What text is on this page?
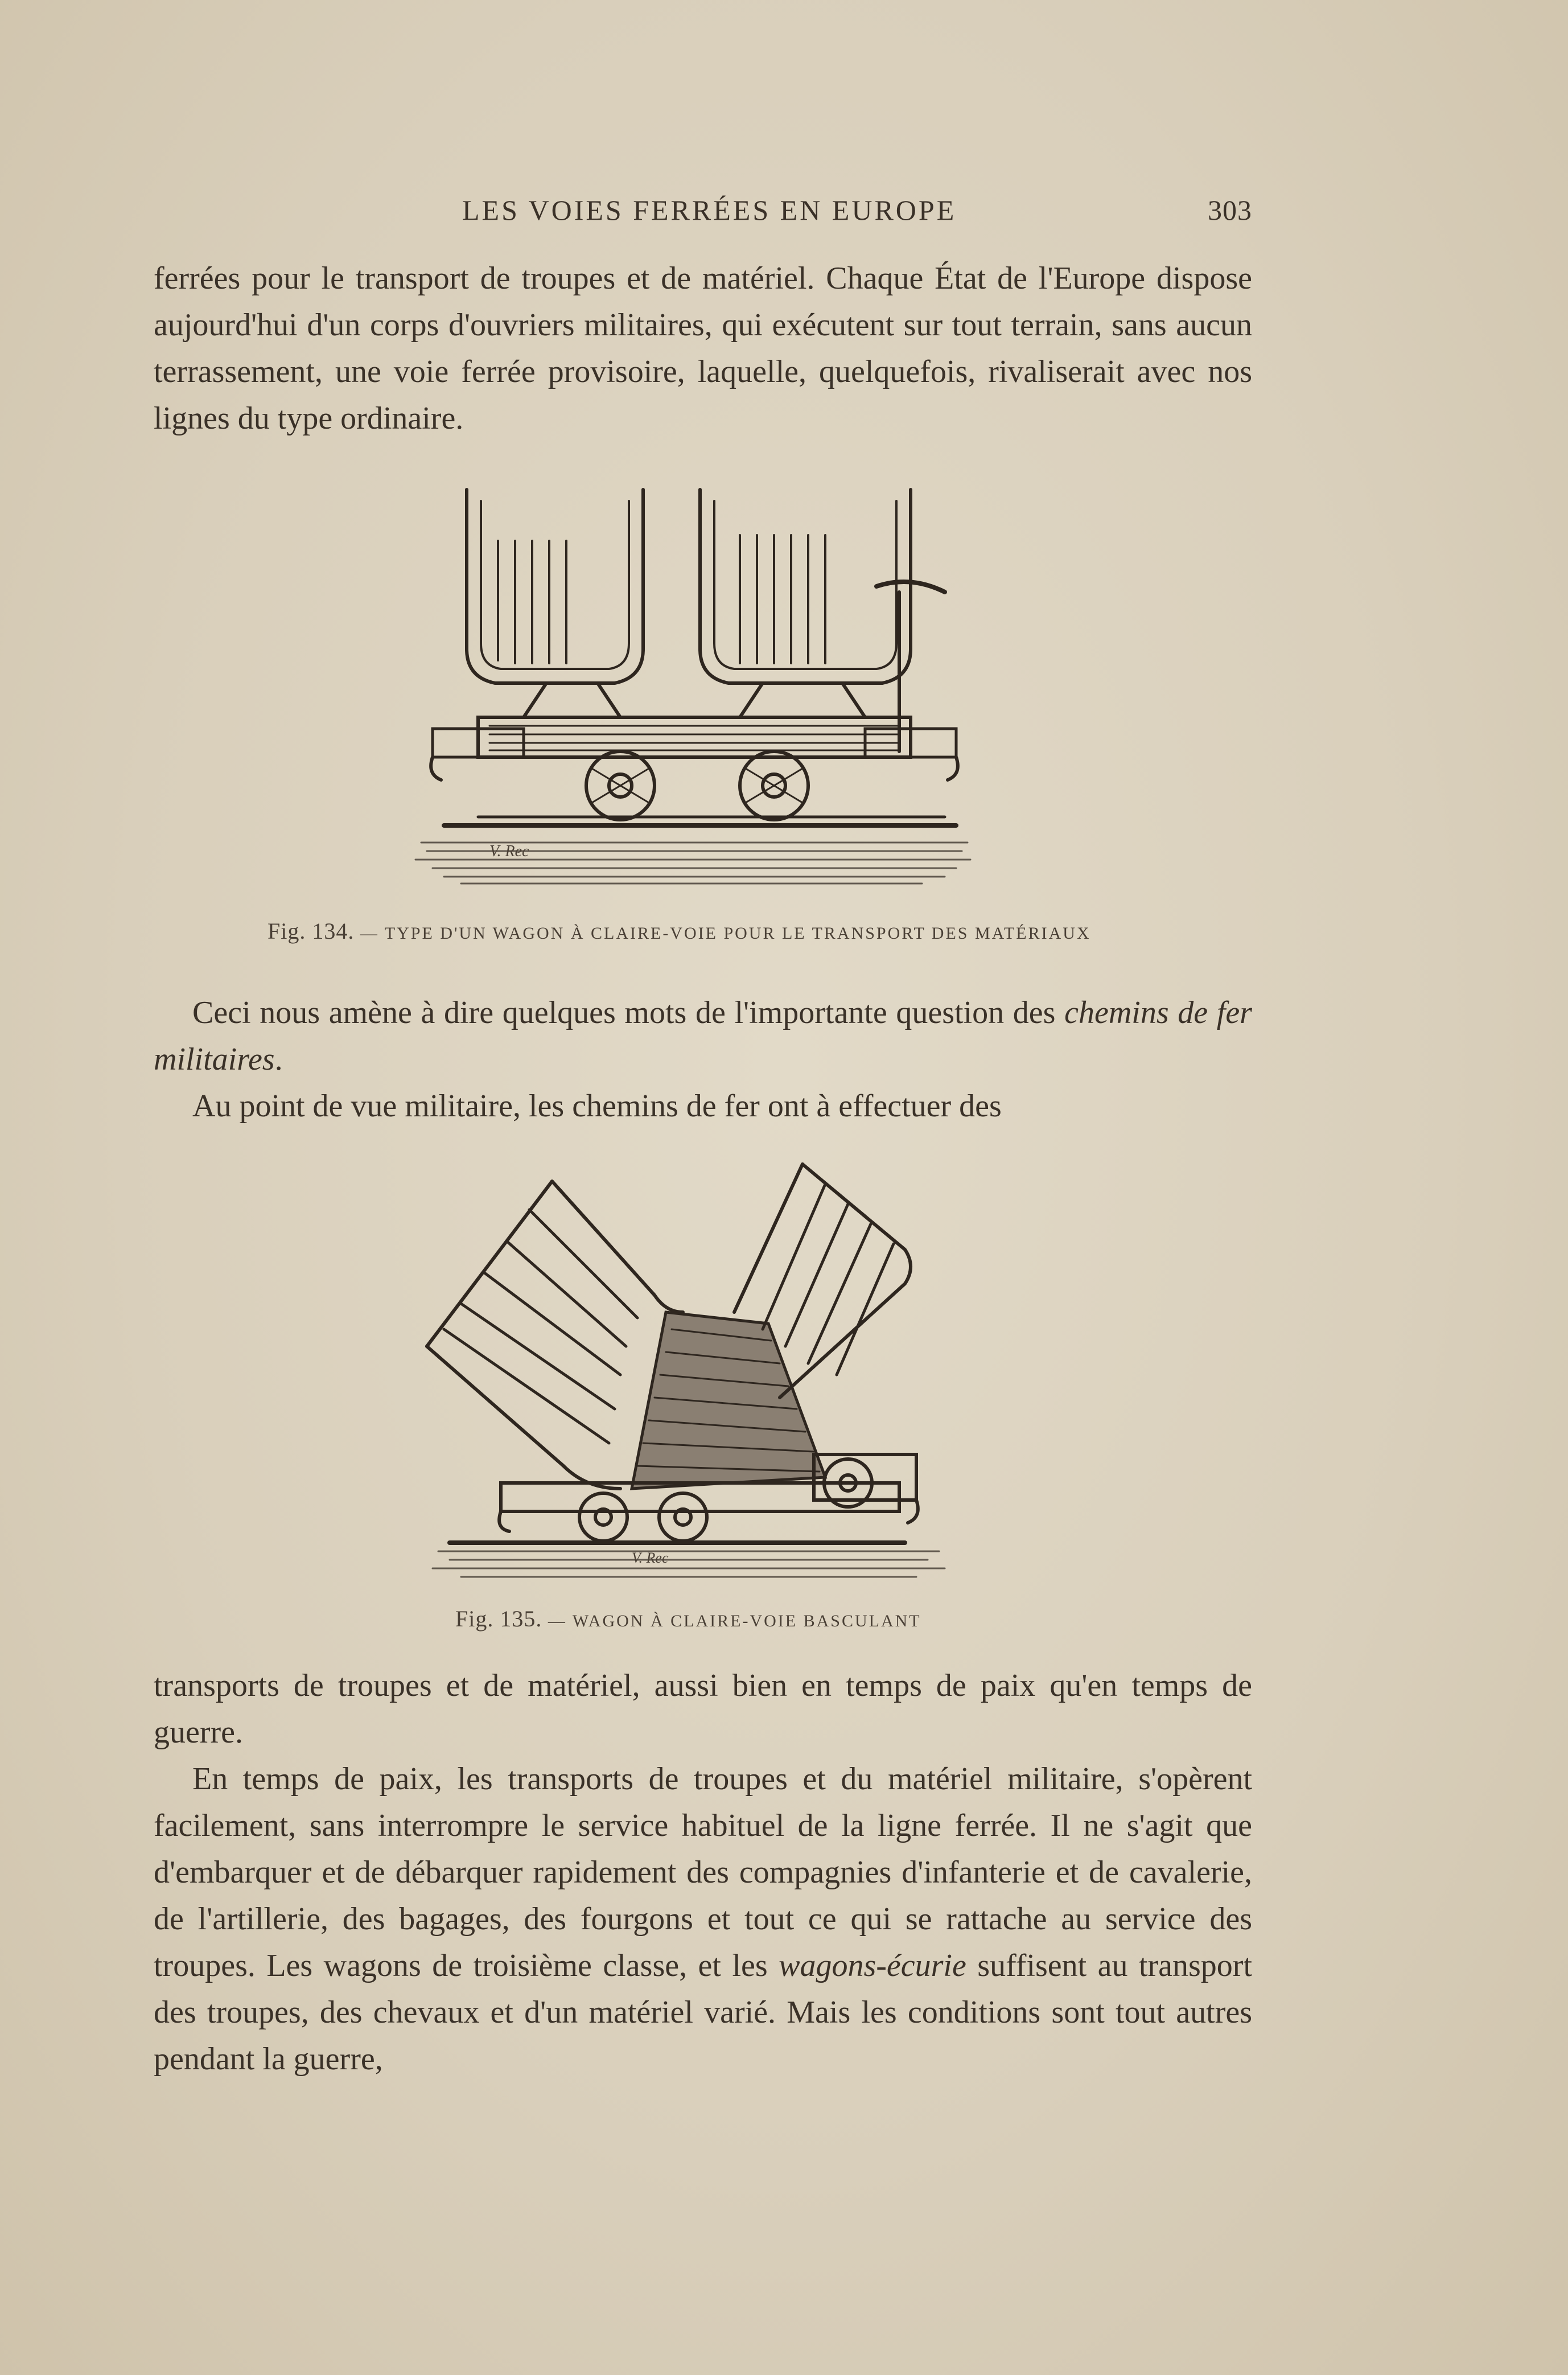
LES VOIES FERRÉES EN EUROPE	303

ferrées pour le transport de troupes et de matériel. Chaque État de l'Europe dispose aujourd'hui d'un corps d'ouvriers militaires, qui exécutent sur tout terrain, sans aucun terrassement, une voie ferrée provisoire, laquelle, quelquefois, rivaliserait avec nos lignes du type ordinaire.

Fig. 134. — TYPE D'UN WAGON À CLAIRE-VOIE POUR LE TRANSPORT DES MATÉRIAUX
V. Rec

Ceci nous amène à dire quelques mots de l'importante question des chemins de fer militaires.

Au point de vue militaire, les chemins de fer ont à effectuer des

V. Rec
Fig. 135. — WAGON À CLAIRE-VOIE BASCULANT

transports de troupes et de matériel, aussi bien en temps de paix qu'en temps de guerre.

En temps de paix, les transports de troupes et du matériel militaire, s'opèrent facilement, sans interrompre le service habituel de la ligne ferrée. Il ne s'agit que d'embarquer et de débarquer rapidement des compagnies d'infanterie et de cavalerie, de l'artillerie, des bagages, des fourgons et tout ce qui se rattache au service des troupes. Les wagons de troisième classe, et les wagons-écurie suffisent au transport des troupes, des chevaux et d'un matériel varié. Mais les conditions sont tout autres pendant la guerre,
